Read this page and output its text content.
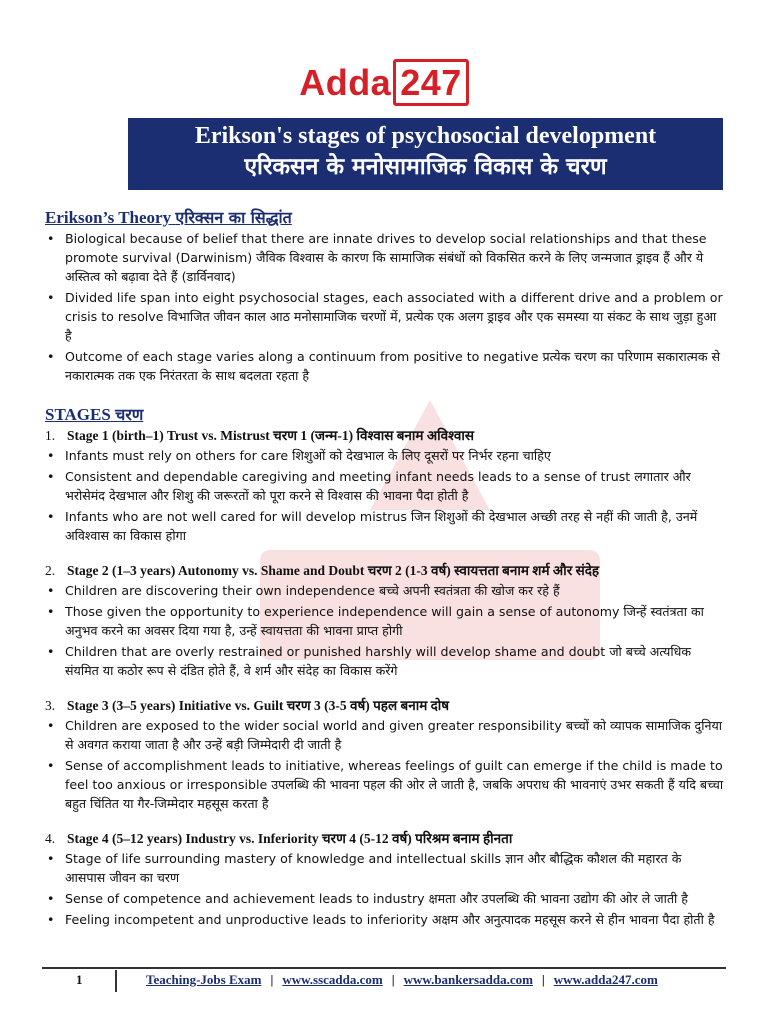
Adda 247
Erikson's stages of psychosocial development
एरिकसन के मनोसामाजिक विकास के चरण
Erikson’s Theory एरिक्सन का सिद्धांत
• Biological because of belief that there are innate drives to develop social relationships and that these promote survival (Darwinism) जैविक विश्वास के कारण कि सामाजिक संबंधों को विकसित करने के लिए जन्मजात ड्राइव हैं और ये अस्तित्व को बढ़ावा देते हैं (डार्विनवाद)
• Divided life span into eight psychosocial stages, each associated with a different drive and a problem or crisis to resolve विभाजित जीवन काल आठ मनोसामाजिक चरणों में, प्रत्येक एक अलग ड्राइव और एक समस्या या संकट के साथ जुड़ा हुआ है
• Outcome of each stage varies along a continuum from positive to negative प्रत्येक चरण का परिणाम सकारात्मक से नकारात्मक तक एक निरंतरता के साथ बदलता रहता है
STAGES चरण
1. Stage 1 (birth–1) Trust vs. Mistrust चरण 1 (जन्म-1) विश्वास बनाम अविश्वास
• Infants must rely on others for care शिशुओं को देखभाल के लिए दूसरों पर निर्भर रहना चाहिए
• Consistent and dependable caregiving and meeting infant needs leads to a sense of trust लगातार और भरोसेमंद देखभाल और शिशु की जरूरतों को पूरा करने से विश्वास की भावना पैदा होती है
• Infants who are not well cared for will develop mistrus जिन शिशुओं की देखभाल अच्छी तरह से नहीं की जाती है, उनमें अविश्वास का विकास होगा
2. Stage 2 (1–3 years) Autonomy vs. Shame and Doubt चरण 2 (1-3 वर्ष) स्वायत्तता बनाम शर्म और संदेह
• Children are discovering their own independence बच्चे अपनी स्वतंत्रता की खोज कर रहे हैं
• Those given the opportunity to experience independence will gain a sense of autonomy जिन्हें स्वतंत्रता का अनुभव करने का अवसर दिया गया है, उन्हें स्वायत्तता की भावना प्राप्त होगी
• Children that are overly restrained or punished harshly will develop shame and doubt जो बच्चे अत्यधिक संयमित या कठोर रूप से दंडित होते हैं, वे शर्म और संदेह का विकास करेंगे
3. Stage 3 (3–5 years) Initiative vs. Guilt चरण 3 (3-5 वर्ष) पहल बनाम दोष
• Children are exposed to the wider social world and given greater responsibility बच्चों को व्यापक सामाजिक दुनिया से अवगत कराया जाता है और उन्हें बड़ी जिम्मेदारी दी जाती है
• Sense of accomplishment leads to initiative, whereas feelings of guilt can emerge if the child is made to feel too anxious or irresponsible उपलब्धि की भावना पहल की ओर ले जाती है, जबकि अपराध की भावनाएं उभर सकती हैं यदि बच्चा बहुत चिंतित या गैर-जिम्मेदार महसूस करता है
4. Stage 4 (5–12 years) Industry vs. Inferiority चरण 4 (5-12 वर्ष) परिश्रम बनाम हीनता
• Stage of life surrounding mastery of knowledge and intellectual skills ज्ञान और बौद्धिक कौशल की महारत के आसपास जीवन का चरण
• Sense of competence and achievement leads to industry क्षमता और उपलब्धि की भावना उद्योग की ओर ले जाती है
• Feeling incompetent and unproductive leads to inferiority अक्षम और अनुत्पादक महसूस करने से हीन भावना पैदा होती है
1	Teaching-Jobs Exam | www.sscadda.com | www.bankersadda.com | www.adda247.com
